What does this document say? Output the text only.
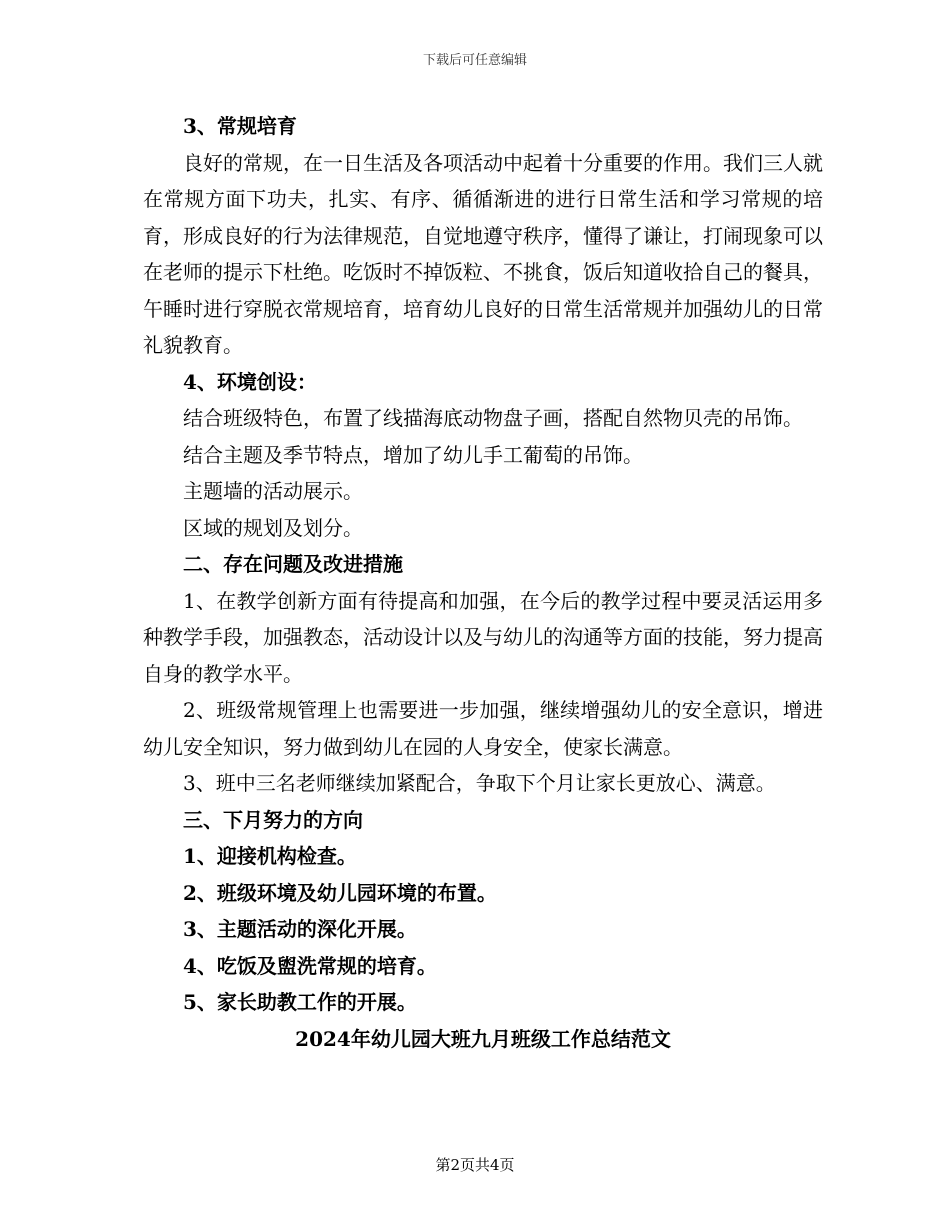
下载后可任意编辑

3、常规培育

良好的常规，在一日生活及各项活动中起着十分重要的作用。我们三人就在常规方面下功夫，扎实、有序、循循渐进的进行日常生活和学习常规的培育，形成良好的行为法律规范，自觉地遵守秩序，懂得了谦让，打闹现象可以在老师的提示下杜绝。吃饭时不掉饭粒、不挑食，饭后知道收拾自己的餐具，午睡时进行穿脱衣常规培育，培育幼儿良好的日常生活常规并加强幼儿的日常礼貌教育。

4、环境创设：

结合班级特色，布置了线描海底动物盘子画，搭配自然物贝壳的吊饰。

结合主题及季节特点，增加了幼儿手工葡萄的吊饰。

主题墙的活动展示。

区域的规划及划分。

二、存在问题及改进措施

1、在教学创新方面有待提高和加强，在今后的教学过程中要灵活运用多种教学手段，加强教态，活动设计以及与幼儿的沟通等方面的技能，努力提高自身的教学水平。

2、班级常规管理上也需要进一步加强，继续增强幼儿的安全意识，增进幼儿安全知识，努力做到幼儿在园的人身安全，使家长满意。

3、班中三名老师继续加紧配合，争取下个月让家长更放心、满意。

三、下月努力的方向

1、迎接机构检查。

2、班级环境及幼儿园环境的布置。

3、主题活动的深化开展。

4、吃饭及盥洗常规的培育。

5、家长助教工作的开展。

2024年幼儿园大班九月班级工作总结范文

第2页共4页
